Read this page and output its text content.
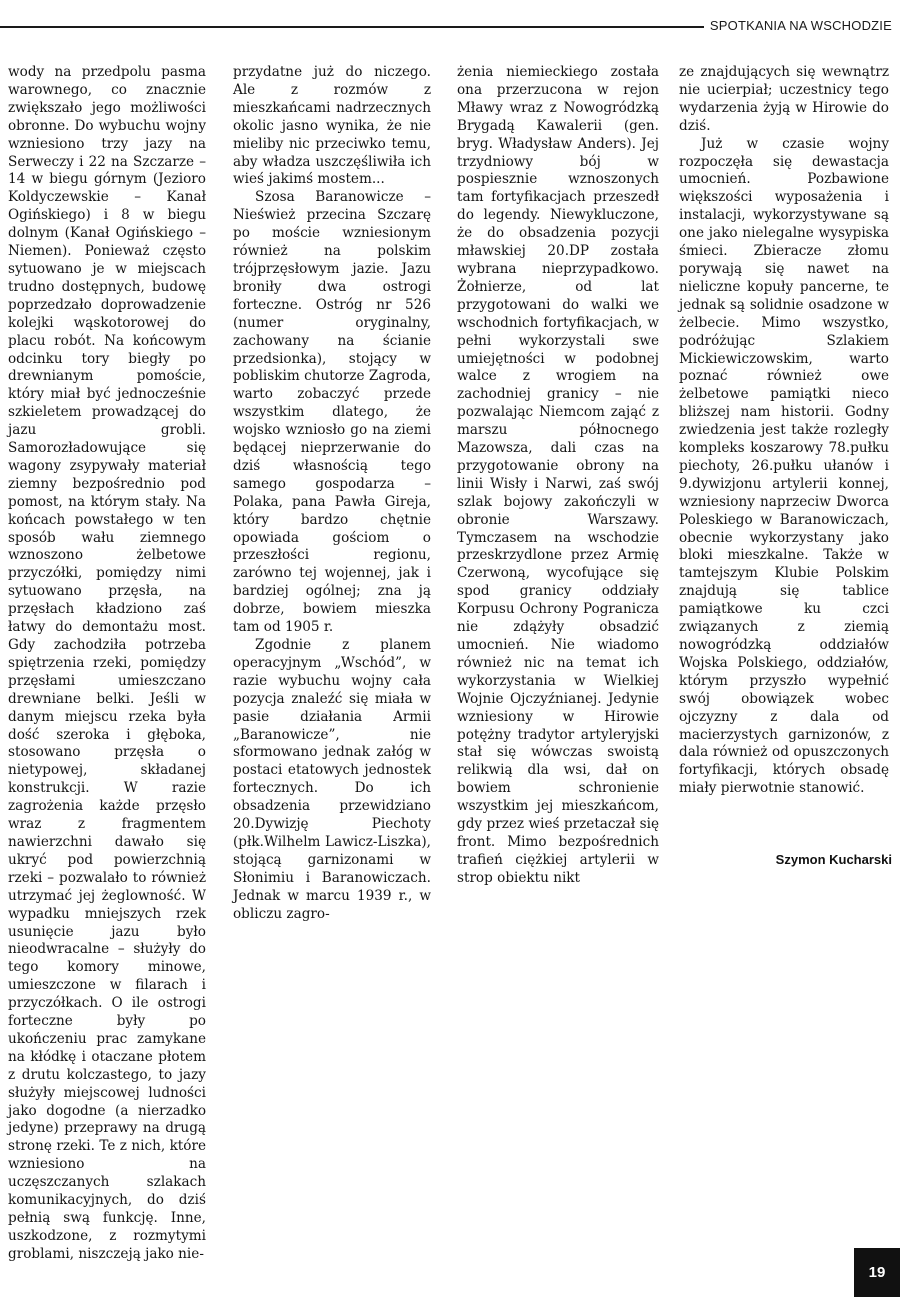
SPOTKANIA NA WSCHODZIE

wody na przedpolu pasma warownego, co znacznie zwiększało jego możliwości obronne. Do wybuchu wojny wzniesiono trzy jazy na Serweczy i 22 na Szczarze – 14 w biegu górnym (Jezioro Koldyczewskie – Kanał Ogińskiego) i 8 w biegu dolnym (Kanał Ogińskiego – Niemen). Ponieważ często sytuowano je w miejscach trudno dostępnych, budowę poprzedzało doprowadzenie kolejki wąskotorowej do placu robót. Na końcowym odcinku tory biegły po drewnianym pomoście, który miał być jednocześnie szkieletem prowadzącej do jazu grobli. Samorozładowujące się wagony zsypywały materiał ziemny bezpośrednio pod pomost, na którym stały. Na końcach powstałego w ten sposób wału ziemnego wznoszono żelbetowe przyczółki, pomiędzy nimi sytuowano przęsła, na przęsłach kładziono zaś łatwy do demontażu most. Gdy zachodziła potrzeba spiętrzenia rzeki, pomiędzy przęsłami umieszczano drewniane belki. Jeśli w danym miejscu rzeka była dość szeroka i głęboka, stosowano przęsła o nietypowej, składanej konstrukcji. W razie zagrożenia każde przęsło wraz z fragmentem nawierzchni dawało się ukryć pod powierzchnią rzeki – pozwalało to również utrzymać jej żeglowność. W wypadku mniejszych rzek usunięcie jazu było nieodwracalne – służyły do tego komory minowe, umieszczone w filarach i przyczółkach. O ile ostrogi forteczne były po ukończeniu prac zamykane na kłódkę i otaczane płotem z drutu kolczastego, to jazy służyły miejscowej ludności jako dogodne (a nierzadko jedyne) przeprawy na drugą stronę rzeki. Te z nich, które wzniesiono na uczęszczanych szlakach komunikacyjnych, do dziś pełnią swą funkcję. Inne, uszkodzone, z rozmytymi groblami, niszczeją jako nie-

przydatne już do niczego. Ale z rozmów z mieszkańcami nadrzecznych okolic jasno wynika, że nie mieliby nic przeciwko temu, aby władza uszczęśliwiła ich wieś jakimś mostem...

Szosa Baranowicze – Nieśwież przecina Szczarę po moście wzniesionym również na polskim trójprzęsłowym jazie. Jazu broniły dwa ostrogi forteczne. Ostróg nr 526 (numer oryginalny, zachowany na ścianie przedsionka), stojący w pobliskim chutorze Zagroda, warto zobaczyć przede wszystkim dlatego, że wojsko wzniosło go na ziemi będącej nieprzerwanie do dziś własnością tego samego gospodarza – Polaka, pana Pawła Gireja, który bardzo chętnie opowiada gościom o przeszłości regionu, zarówno tej wojennej, jak i bardziej ogólnej; zna ją dobrze, bowiem mieszka tam od 1905 r.

Zgodnie z planem operacyjnym „Wschód”, w razie wybuchu wojny cała pozycja znaleźć się miała w pasie działania Armii „Baranowicze”, nie sformowano jednak załóg w postaci etatowych jednostek fortecznych. Do ich obsadzenia przewidziano 20.Dywizję Piechoty (płk.Wilhelm Lawicz-Liszka), stojącą garnizonami w Słonimiu i Baranowiczach. Jednak w marcu 1939 r., w obliczu zagro-

żenia niemieckiego została ona przerzucona w rejon Mławy wraz z Nowogródzką Brygadą Kawalerii (gen. bryg. Władysław Anders). Jej trzydniowy bój w pospiesznie wznoszonych tam fortyfikacjach przeszedł do legendy. Niewykluczone, że do obsadzenia pozycji mławskiej 20.DP została wybrana nieprzypadkowo. Żołnierze, od lat przygotowani do walki we wschodnich fortyfikacjach, w pełni wykorzystali swe umiejętności w podobnej walce z wrogiem na zachodniej granicy – nie pozwalając Niemcom zająć z marszu północnego Mazowsza, dali czas na przygotowanie obrony na linii Wisły i Narwi, zaś swój szlak bojowy zakończyli w obronie Warszawy. Tymczasem na wschodzie przeskrzydlone przez Armię Czerwoną, wycofujące się spod granicy oddziały Korpusu Ochrony Pogranicza nie zdążyły obsadzić umocnień. Nie wiadomo również nic na temat ich wykorzystania w Wielkiej Wojnie Ojczyźnianej. Jedynie wzniesiony w Hirowie potężny tradytor artyleryjski stał się wówczas swoistą relikwią dla wsi, dał on bowiem schronienie wszystkim jej mieszkańcom, gdy przez wieś przetaczał się front. Mimo bezpośrednich trafień ciężkiej artylerii w strop obiektu nikt

ze znajdujących się wewnątrz nie ucierpiał; uczestnicy tego wydarzenia żyją w Hirowie do dziś.

Już w czasie wojny rozpoczęła się dewastacja umocnień. Pozbawione większości wyposażenia i instalacji, wykorzystywane są one jako nielegalne wysypiska śmieci. Zbieracze złomu porywają się nawet na nieliczne kopuły pancerne, te jednak są solidnie osadzone w żelbecie. Mimo wszystko, podróżując Szlakiem Mickiewiczowskim, warto poznać również owe żelbetowe pamiątki nieco bliższej nam historii. Godny zwiedzenia jest także rozległy kompleks koszarowy 78.pułku piechoty, 26.pułku ułanów i 9.dywizjonu artylerii konnej, wzniesiony naprzeciw Dworca Poleskiego w Baranowiczach, obecnie wykorzystany jako bloki mieszkalne. Także w tamtejszym Klubie Polskim znajdują się tablice pamiątkowe ku czci związanych z ziemią nowogródzką oddziałów Wojska Polskiego, oddziałów, którym przyszło wypełnić swój obowiązek wobec ojczyzny z dala od macierzystych garnizonów, z dala również od opuszczonych fortyfikacji, których obsadę miały pierwotnie stanowić.

Szymon Kucharski
19
